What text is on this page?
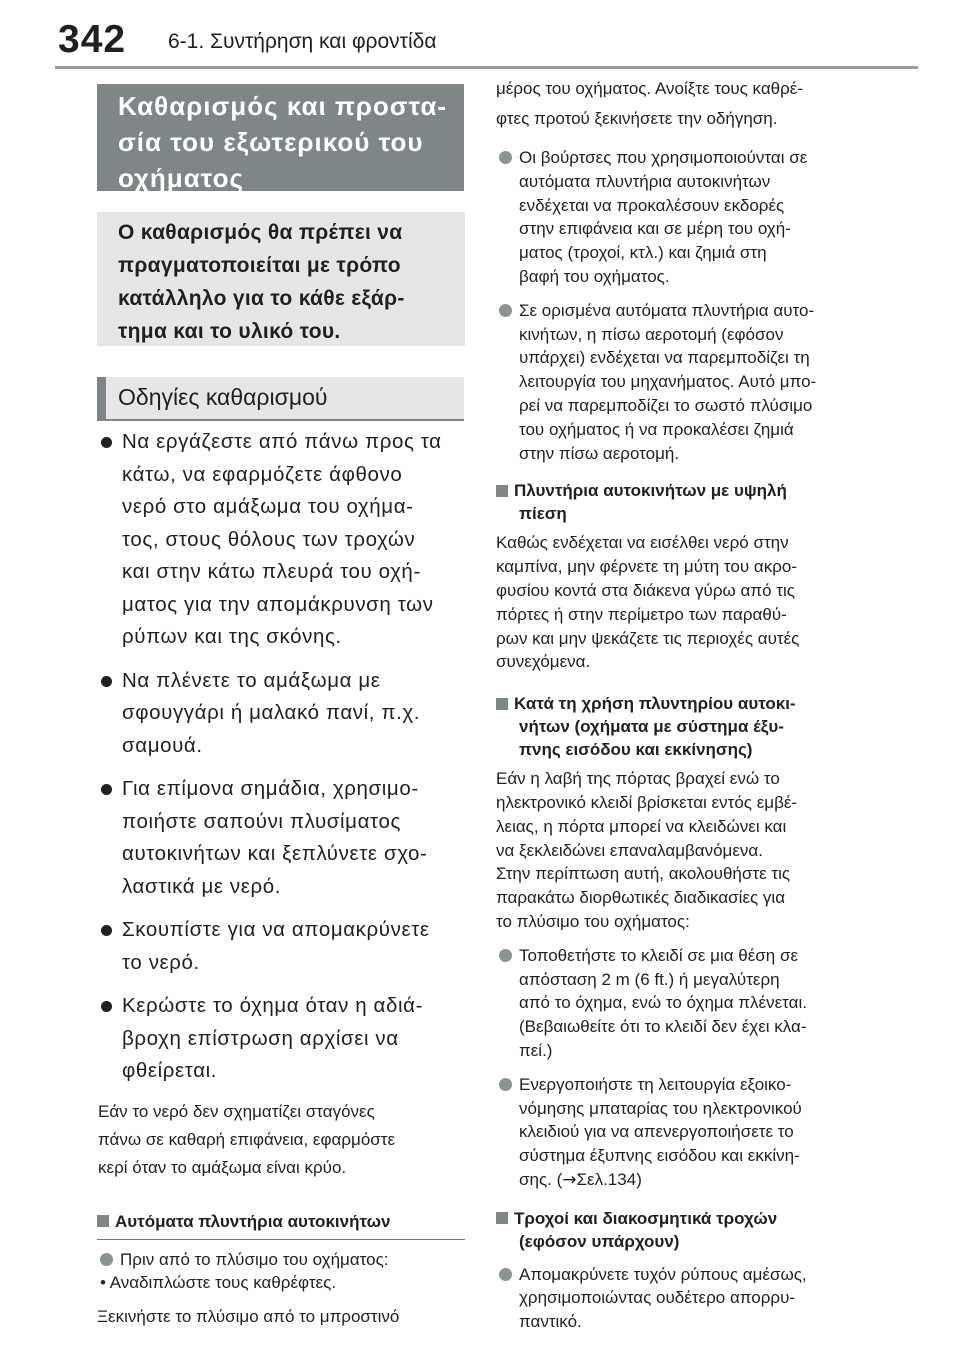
342 6-1. Συντήρηση και φροντίδα
Καθαρισμός και προστα-
σία του εξωτερικού του
οχήματος
Ο καθαρισμός θα πρέπει να
πραγματοποιείται με τρόπο
κατάλληλο για το κάθε εξάρ-
τημα και το υλικό του.
Οδηγίες καθαρισμού
Να εργάζεστε από πάνω προς τα
κάτω, να εφαρμόζετε άφθονο
νερό στο αμάξωμα του οχήμα-
τος, στους θόλους των τροχών
και στην κάτω πλευρά του οχή-
ματος για την απομάκρυνση των
ρύπων και της σκόνης.
Να πλένετε το αμάξωμα με
σφουγγάρι ή μαλακό πανί, π.χ.
σαμουά.
Για επίμονα σημάδια, χρησιμο-
ποιήστε σαπούνι πλυσίματος
αυτοκινήτων και ξεπλύνετε σχο-
λαστικά με νερό.
Σκουπίστε για να απομακρύνετε
το νερό.
Κερώστε το όχημα όταν η αδιά-
βροχη επίστρωση αρχίσει να
φθείρεται.
Εάν το νερό δεν σχηματίζει σταγόνες
πάνω σε καθαρή επιφάνεια, εφαρμόστε
κερί όταν το αμάξωμα είναι κρύο.
Αυτόματα πλυντήρια αυτοκινήτων
Πριν από το πλύσιμο του οχήματος:
• Αναδιπλώστε τους καθρέφτες.
Ξεκινήστε το πλύσιμο από το μπροστινό
μέρος του οχήματος. Ανοίξτε τους καθρέ-
φτες προτού ξεκινήσετε την οδήγηση.
Οι βούρτσες που χρησιμοποιούνται σε
αυτόματα πλυντήρια αυτοκινήτων
ενδέχεται να προκαλέσουν εκδορές
στην επιφάνεια και σε μέρη του οχή-
ματος (τροχοί, κτλ.) και ζημιά στη
βαφή του οχήματος.
Σε ορισμένα αυτόματα πλυντήρια αυτο-
κινήτων, η πίσω αεροτομή (εφόσον
υπάρχει) ενδέχεται να παρεμποδίζει τη
λειτουργία του μηχανήματος. Αυτό μπο-
ρεί να παρεμποδίζει το σωστό πλύσιμο
του οχήματος ή να προκαλέσει ζημιά
στην πίσω αεροτομή.
Πλυντήρια αυτοκινήτων με υψηλή
πίεση
Καθώς ενδέχεται να εισέλθει νερό στην
καμπίνα, μην φέρνετε τη μύτη του ακρο-
φυσίου κοντά στα διάκενα γύρω από τις
πόρτες ή στην περίμετρο των παραθύ-
ρων και μην ψεκάζετε τις περιοχές αυτές
συνεχόμενα.
Κατά τη χρήση πλυντηρίου αυτοκι-
νήτων (οχήματα με σύστημα έξυ-
πνης εισόδου και εκκίνησης)
Εάν η λαβή της πόρτας βραχεί ενώ το
ηλεκτρονικό κλειδί βρίσκεται εντός εμβέ-
λειας, η πόρτα μπορεί να κλειδώνει και
να ξεκλειδώνει επαναλαμβανόμενα.
Στην περίπτωση αυτή, ακολουθήστε τις
παρακάτω διορθωτικές διαδικασίες για
το πλύσιμο του οχήματος:
Τοποθετήστε το κλειδί σε μια θέση σε
απόσταση 2 m (6 ft.) ή μεγαλύτερη
από το όχημα, ενώ το όχημα πλένεται.
(Βεβαιωθείτε ότι το κλειδί δεν έχει κλα-
πεί.)
Ενεργοποιήστε τη λειτουργία εξοικο-
νόμησης μπαταρίας του ηλεκτρονικού
κλειδιού για να απενεργοποιήσετε το
σύστημα έξυπνης εισόδου και εκκίνη-
σης. (→Σελ.134)
Τροχοί και διακοσμητικά τροχών
(εφόσον υπάρχουν)
Απομακρύνετε τυχόν ρύπους αμέσως,
χρησιμοποιώντας ουδέτερο απορρυ-
παντικό.
